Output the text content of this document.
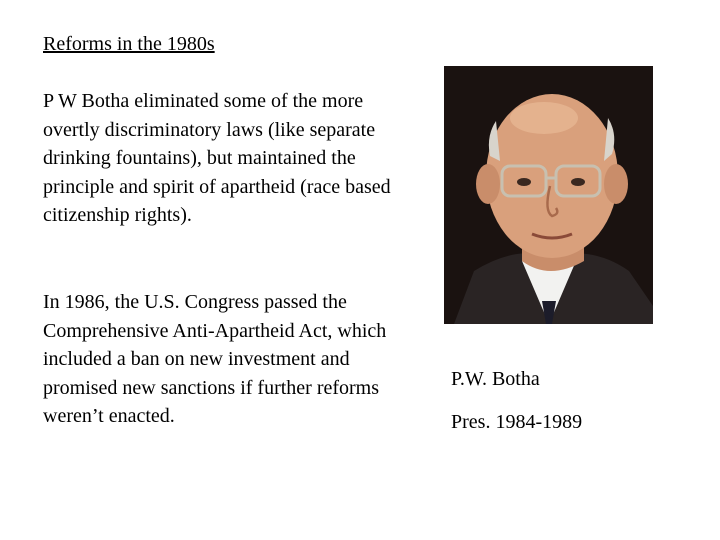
Reforms in the 1980s

P W Botha eliminated some of the more overtly discriminatory laws (like separate drinking fountains), but maintained the principle and spirit of apartheid (race based citizenship rights).

In 1986, the U.S. Congress passed the Comprehensive Anti-Apartheid Act, which included a ban on new investment and promised new sanctions if further reforms weren’t enacted.

P.W. Botha

Pres. 1984-1989
